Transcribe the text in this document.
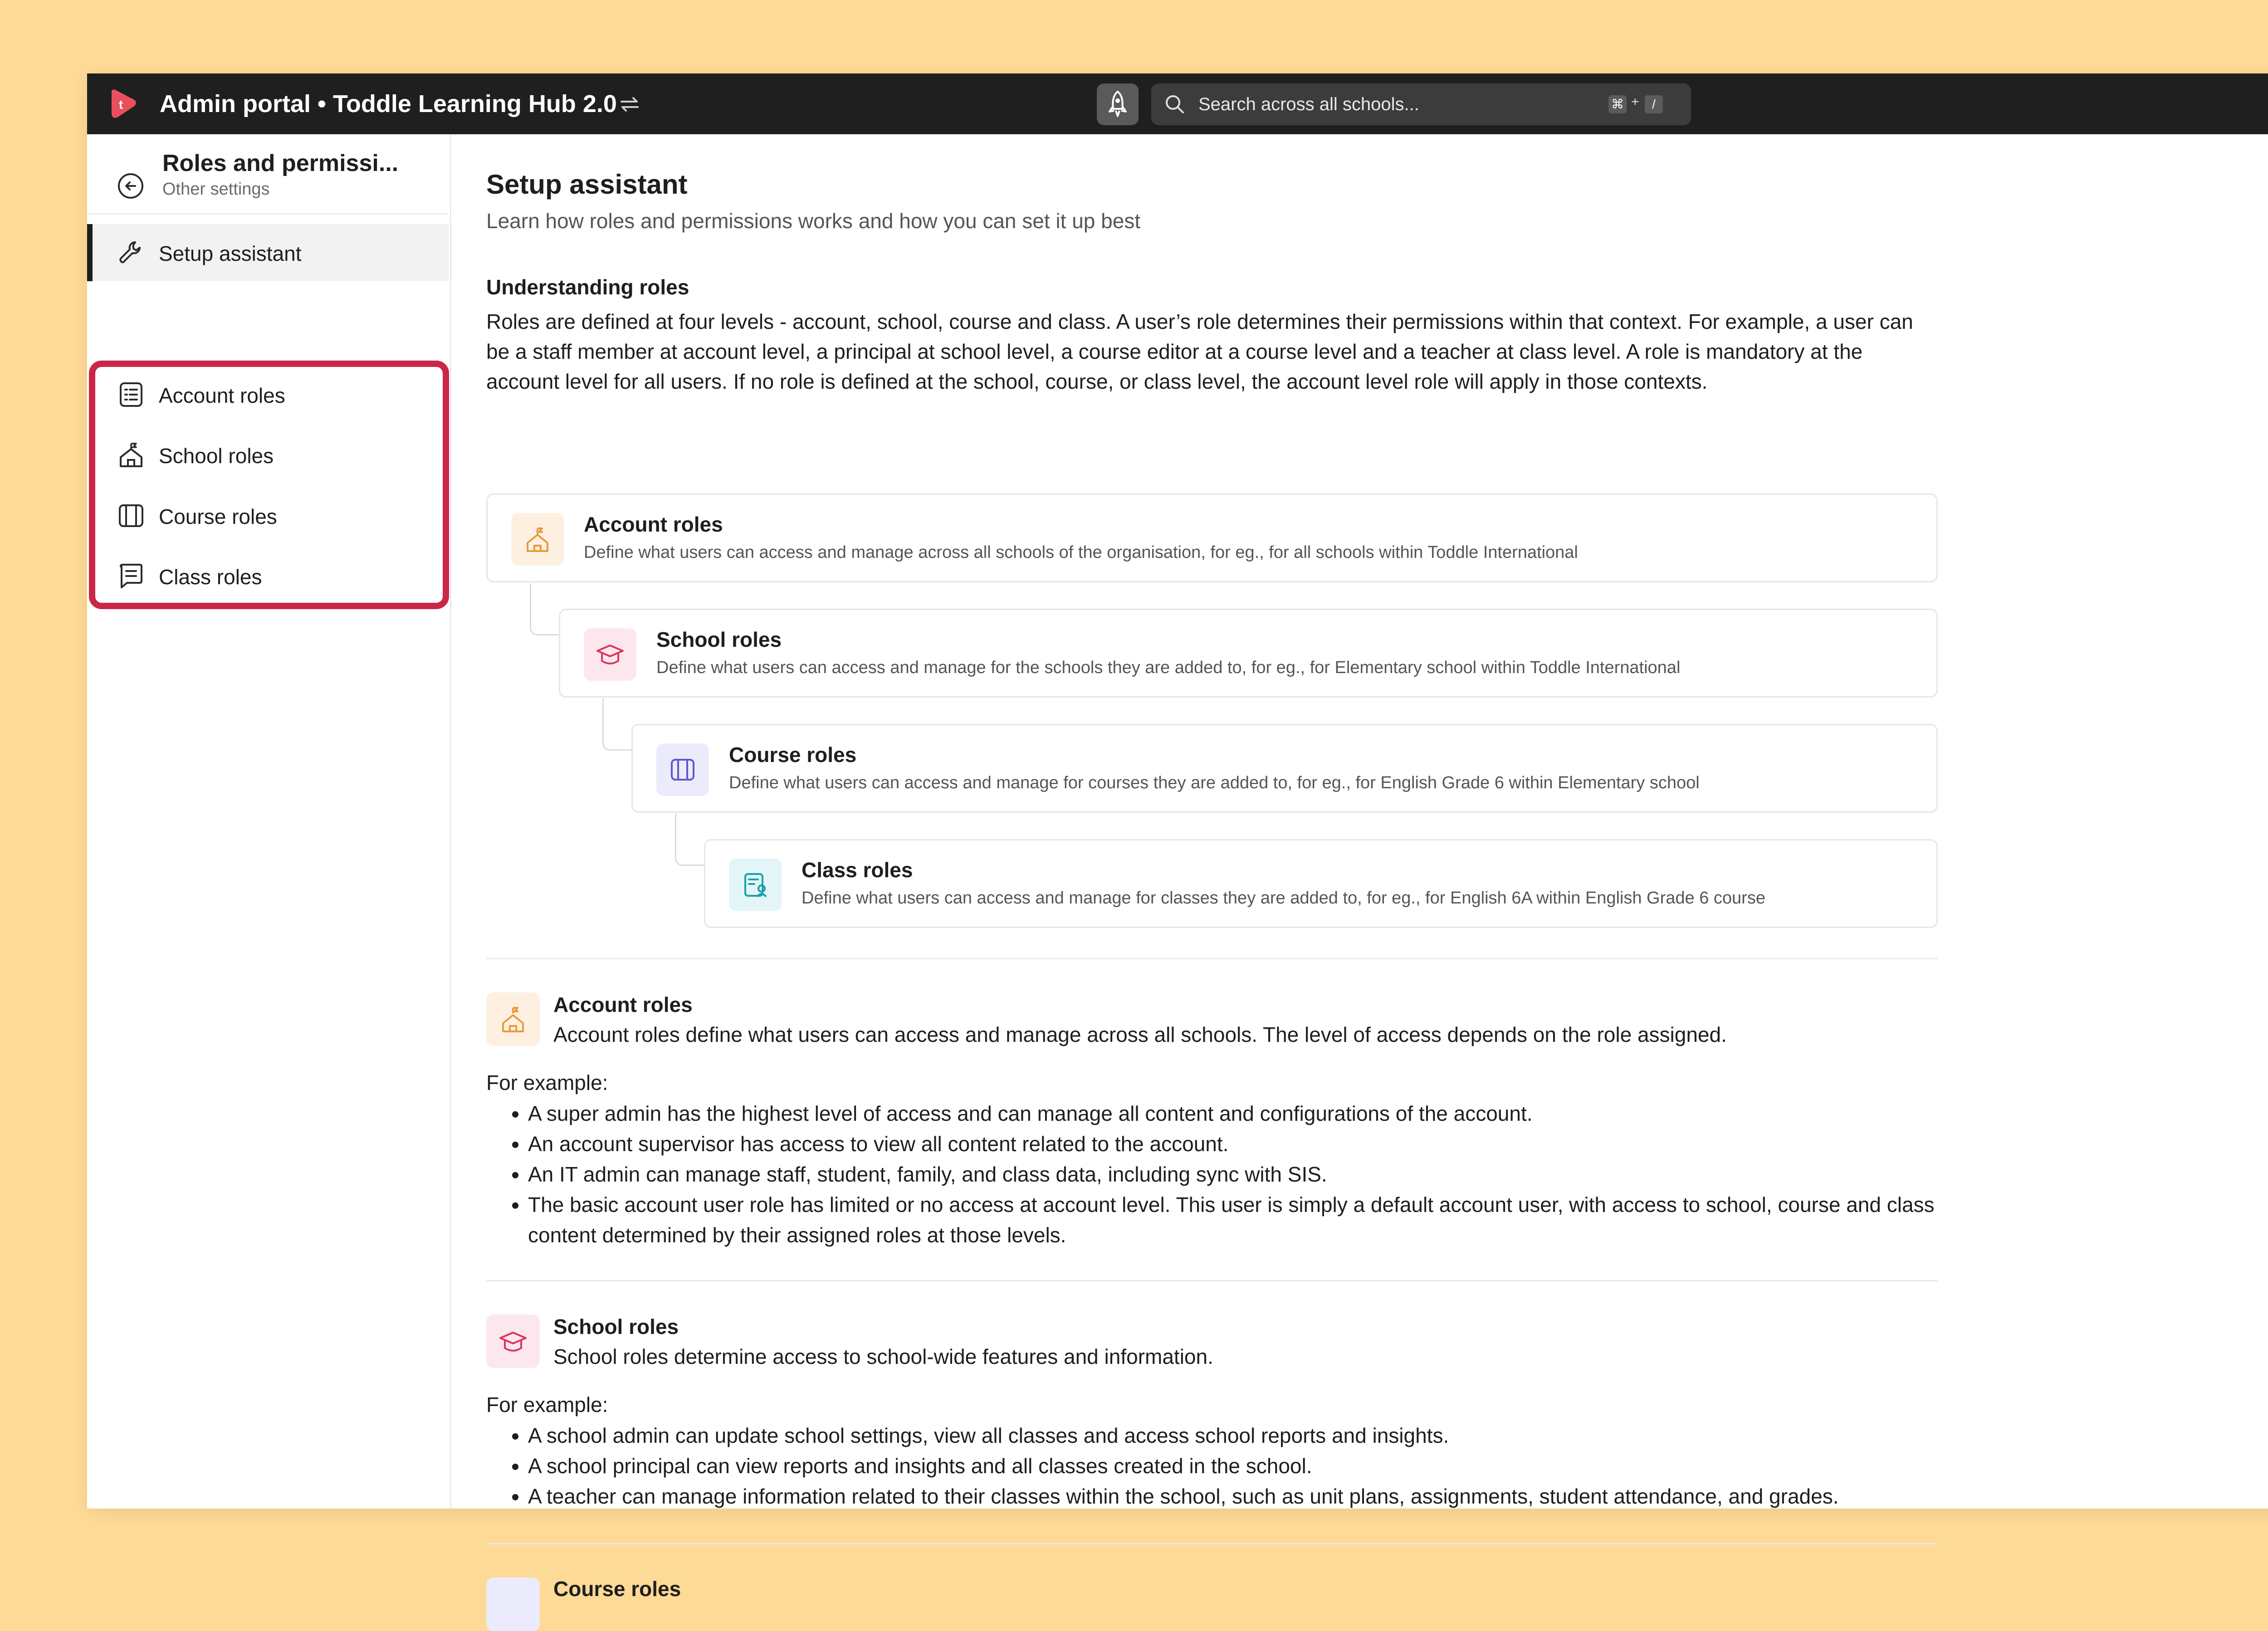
t Admin portal • Toddle Learning Hub 2.0	Search across all schools...	⌘ +	/
Roles and permissi...
Other settings
Setup assistant
Account roles
School roles
Course roles
Class roles
Setup assistant
Learn how roles and permissions works and how you can set it up best
Understanding roles
Roles are defined at four levels - account, school, course and class. A user’s role determines their permissions within that context. For example, a user can be a staff member at account level, a principal at school level, a course editor at a course level and a teacher at class level. A role is mandatory at the account level for all users. If no role is defined at the school, course, or class level, the account level role will apply in those contexts.
Account roles
Define what users can access and manage across all schools of the organisation, for eg., for all schools within Toddle International
School roles
Define what users can access and manage for the schools they are added to, for eg., for Elementary school within Toddle International
Course roles
Define what users can access and manage for courses they are added to, for eg., for English Grade 6 within Elementary school
Class roles
Define what users can access and manage for classes they are added to, for eg., for English 6A within English Grade 6 course
Account roles
Account roles define what users can access and manage across all schools. The level of access depends on the role assigned.
For example:
• A super admin has the highest level of access and can manage all content and configurations of the account.
• An account supervisor has access to view all content related to the account.
• An IT admin can manage staff, student, family, and class data, including sync with SIS.
• The basic account user role has limited or no access at account level. This user is simply a default account user, with access to school, course and class content determined by their assigned roles at those levels.
School roles
School roles determine access to school-wide features and information.
For example:
• A school admin can update school settings, view all classes and access school reports and insights.
• A school principal can view reports and insights and all classes created in the school.
• A teacher can manage information related to their classes within the school, such as unit plans, assignments, student attendance, and grades.
Course roles
